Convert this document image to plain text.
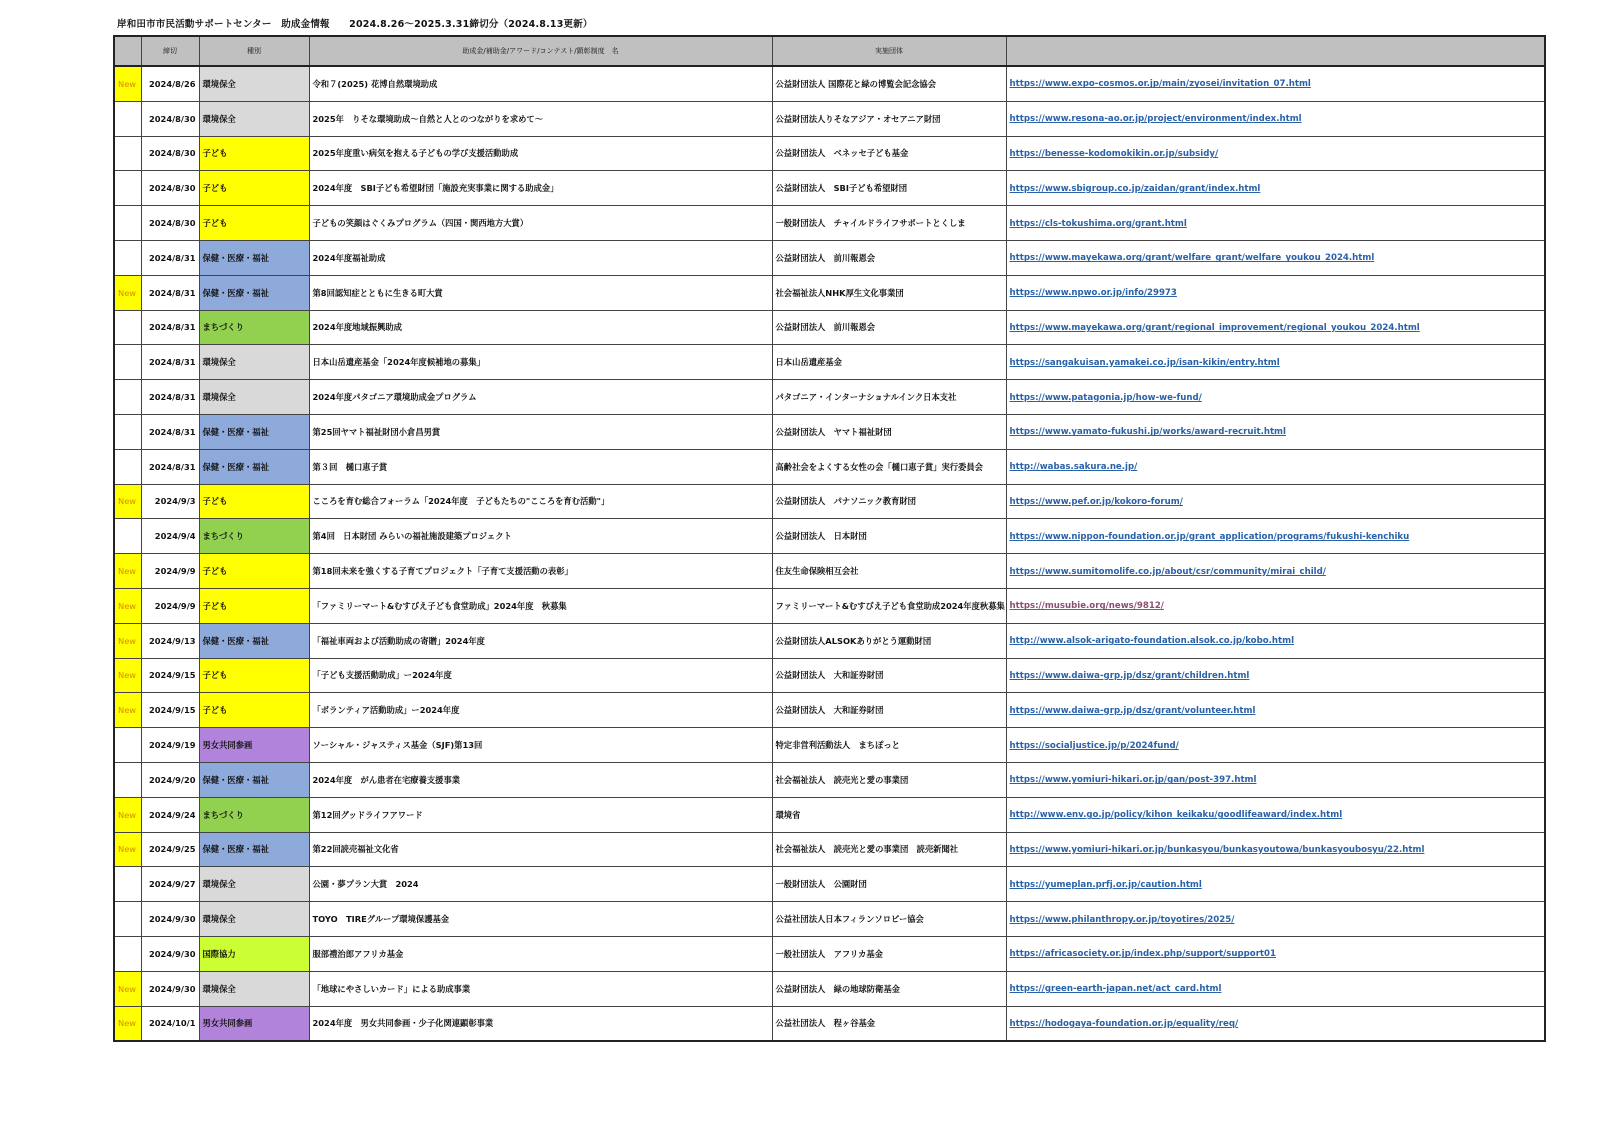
岸和田市市民活動サポートセンター　助成金情報　　2024.8.26～2025.3.31締切分（2024.8.13更新）
	締切	種別	助成金/補助金/アワード/コンテスト/顕彰制度　名	実施団体	
New	2024/8/26	環境保全	令和７(2025) 花博自然環境助成	公益財団法人 国際花と緑の博覧会記念協会	https://www.expo-cosmos.or.jp/main/zyosei/invitation_07.html
	2024/8/30	環境保全	2025年　りそな環境助成～自然と人とのつながりを求めて～	公益財団法人りそなアジア・オセアニア財団	https://www.resona-ao.or.jp/project/environment/index.html
	2024/8/30	子ども	2025年度重い病気を抱える子どもの学び支援活動助成	公益財団法人　ベネッセ子ども基金	https://benesse-kodomokikin.or.jp/subsidy/
	2024/8/30	子ども	2024年度　SBI子ども希望財団「施設充実事業に関する助成金」	公益財団法人　SBI子ども希望財団	https://www.sbigroup.co.jp/zaidan/grant/index.html
	2024/8/30	子ども	子どもの笑顔はぐくみプログラム（四国・関西地方大賞）	一般財団法人　チャイルドライフサポートとくしま	https://cls-tokushima.org/grant.html
	2024/8/31	保健・医療・福祉	2024年度福祉助成	公益財団法人　前川報恩会	https://www.mayekawa.org/grant/welfare_grant/welfare_youkou_2024.html
New	2024/8/31	保健・医療・福祉	第8回認知症とともに生きる町大賞	社会福祉法人NHK厚生文化事業団	https://www.npwo.or.jp/info/29973
	2024/8/31	まちづくり	2024年度地域振興助成	公益財団法人　前川報恩会	https://www.mayekawa.org/grant/regional_improvement/regional_youkou_2024.html
	2024/8/31	環境保全	日本山岳遺産基金「2024年度候補地の募集」	日本山岳遺産基金	https://sangakuisan.yamakei.co.jp/isan-kikin/entry.html
	2024/8/31	環境保全	2024年度パタゴニア環境助成金プログラム	パタゴニア・インターナショナルインク日本支社	https://www.patagonia.jp/how-we-fund/
	2024/8/31	保健・医療・福祉	第25回ヤマト福祉財団小倉昌男賞	公益財団法人　ヤマト福祉財団	https://www.yamato-fukushi.jp/works/award-recruit.html
	2024/8/31	保健・医療・福祉	第３回　樋口恵子賞	高齢社会をよくする女性の会「樋口恵子賞」実行委員会	http://wabas.sakura.ne.jp/
New	2024/9/3	子ども	こころを育む総合フォーラム「2024年度　子どもたちの"こころを育む活動"」	公益財団法人　パナソニック教育財団	https://www.pef.or.jp/kokoro-forum/
	2024/9/4	まちづくり	第4回　日本財団 みらいの福祉施設建築プロジェクト	公益財団法人　日本財団	https://www.nippon-foundation.or.jp/grant_application/programs/fukushi-kenchiku
New	2024/9/9	子ども	第18回未来を強くする子育てプロジェクト「子育て支援活動の表彰」	住友生命保険相互会社	https://www.sumitomolife.co.jp/about/csr/community/mirai_child/
New	2024/9/9	子ども	「ファミリーマート&むすびえ子ども食堂助成」2024年度　秋募集	ファミリーマート&むすびえ子ども食堂助成2024年度秋募集	https://musubie.org/news/9812/
New	2024/9/13	保健・医療・福祉	「福祉車両および活動助成の寄贈」2024年度	公益財団法人ALSOKありがとう運動財団	http://www.alsok-arigato-foundation.alsok.co.jp/kobo.html
New	2024/9/15	子ども	「子ども支援活動助成」ー2024年度	公益財団法人　大和証券財団	https://www.daiwa-grp.jp/dsz/grant/children.html
New	2024/9/15	子ども	「ボランティア活動助成」ー2024年度	公益財団法人　大和証券財団	https://www.daiwa-grp.jp/dsz/grant/volunteer.html
	2024/9/19	男女共同参画	ソーシャル・ジャスティス基金（SJF)第13回	特定非営利活動法人　まちぽっと	https://socialjustice.jp/p/2024fund/
	2024/9/20	保健・医療・福祉	2024年度　がん患者在宅療養支援事業	社会福祉法人　読売光と愛の事業団	https://www.yomiuri-hikari.or.jp/gan/post-397.html
New	2024/9/24	まちづくり	第12回グッドライフアワード	環境省	http://www.env.go.jp/policy/kihon_keikaku/goodlifeaward/index.html
New	2024/9/25	保健・医療・福祉	第22回読売福祉文化省	社会福祉法人　読売光と愛の事業団　読売新聞社	https://www.yomiuri-hikari.or.jp/bunkasyou/bunkasyoutowa/bunkasyoubosyu/22.html
	2024/9/27	環境保全	公園・夢プラン大賞　2024	一般財団法人　公園財団	https://yumeplan.prfj.or.jp/caution.html
	2024/9/30	環境保全	TOYO　TIREグループ環境保護基金	公益社団法人日本フィランソロピー協会	https://www.philanthropy.or.jp/toyotires/2025/
	2024/9/30	国際協力	服部禮治郎アフリカ基金	一般社団法人　アフリカ基金	https://africasociety.or.jp/index.php/support/support01
New	2024/9/30	環境保全	「地球にやさしいカード」による助成事業	公益財団法人　緑の地球防衛基金	https://green-earth-japan.net/act_card.html
New	2024/10/1	男女共同参画	2024年度　男女共同参画・少子化関連顕彰事業	公益社団法人　程ヶ谷基金	https://hodogaya-foundation.or.jp/equality/req/
